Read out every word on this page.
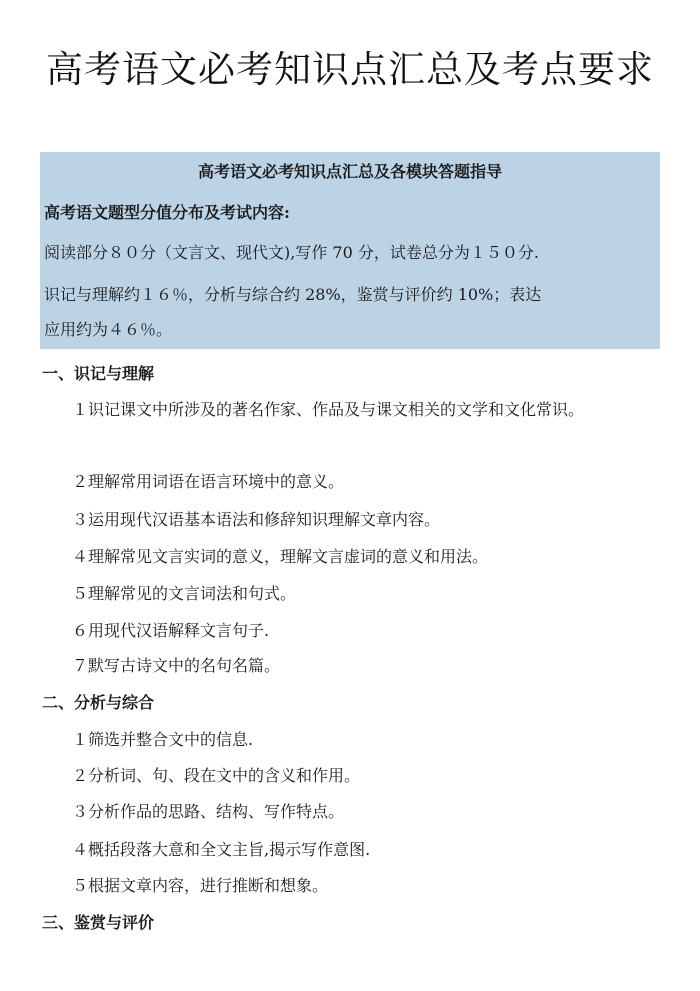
高考语文必考知识点汇总及考点要求
高考语文必考知识点汇总及各模块答题指导
高考语文题型分值分布及考试内容:
阅读部分８０分（文言文、现代文),写作 70 分，试卷总分为１５０分.
识记与理解约１６％，分析与综合约 28%，鉴赏与评价约 10%；表达
应用约为４６％。
一、识记与理解
１识记课文中所涉及的著名作家、作品及与课文相关的文学和文化常识。
２理解常用词语在语言环境中的意义。
３运用现代汉语基本语法和修辞知识理解文章内容。
４理解常见文言实词的意义，理解文言虚词的意义和用法。
５理解常见的文言词法和句式。
６用现代汉语解释文言句子.
７默写古诗文中的名句名篇。
二、分析与综合
１筛选并整合文中的信息.
２分析词、句、段在文中的含义和作用。
３分析作品的思路、结构、写作特点。
４概括段落大意和全文主旨,揭示写作意图.
５根据文章内容，进行推断和想象。
三、鉴赏与评价
